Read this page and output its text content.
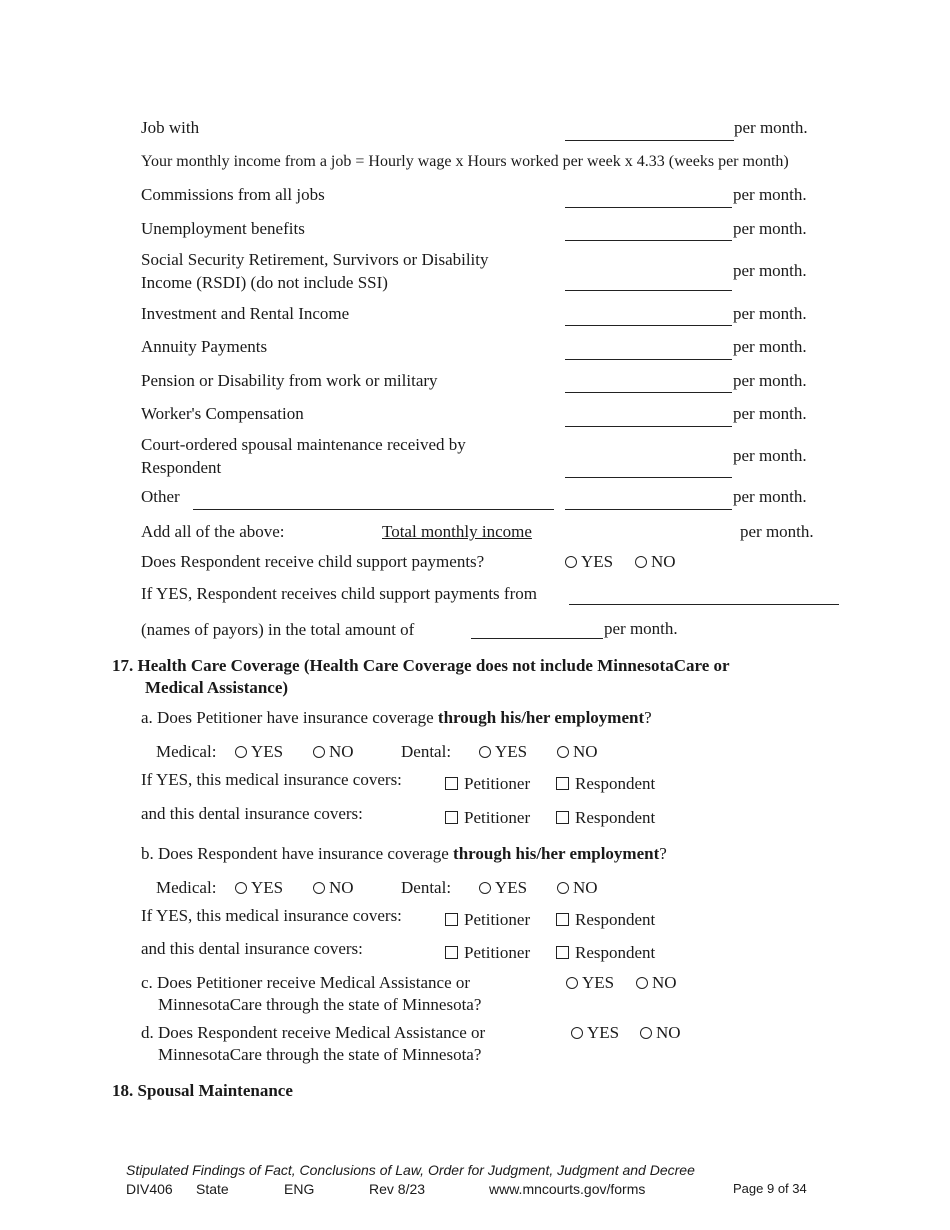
Job with	per month.
Your monthly income from a job = Hourly wage x Hours worked per week x 4.33 (weeks per month)
Commissions from all jobs	per month.
Unemployment benefits	per month.
Social Security Retirement, Survivors or Disability
Income (RSDI) (do not include SSI)
per month.
Investment and Rental Income	per month.
Annuity Payments	per month.
Pension or Disability from work or military	per month.
Worker's Compensation	per month.
Court-ordered spousal maintenance received by
Respondent
per month.
Other	per month.
Add all of the above:	Total monthly income	per month.
Does Respondent receive child support payments?	YES	NO
If YES, Respondent receives child support payments from
(names of payors) in the total amount of	per month.
17. Health Care Coverage (Health Care Coverage does not include MinnesotaCare or
Medical Assistance)
a. Does Petitioner have insurance coverage through his/her employment?
Medical:	YES	NO	Dental:	YES	NO
If YES, this medical insurance covers:	Petitioner	Respondent
and this dental insurance covers:	Petitioner	Respondent
b. Does Respondent have insurance coverage through his/her employment?
Medical:	YES	NO	Dental:	YES	NO
If YES, this medical insurance covers:	Petitioner	Respondent
and this dental insurance covers:	Petitioner	Respondent
c. Does Petitioner receive Medical Assistance or
MinnesotaCare through the state of Minnesota?
YES	NO
d. Does Respondent receive Medical Assistance or
MinnesotaCare through the state of Minnesota?
YES	NO
18. Spousal Maintenance
Stipulated Findings of Fact, Conclusions of Law, Order for Judgment, Judgment and Decree
DIV406 State	ENG	Rev 8/23	www.mncourts.gov/forms	Page 9 of 34
